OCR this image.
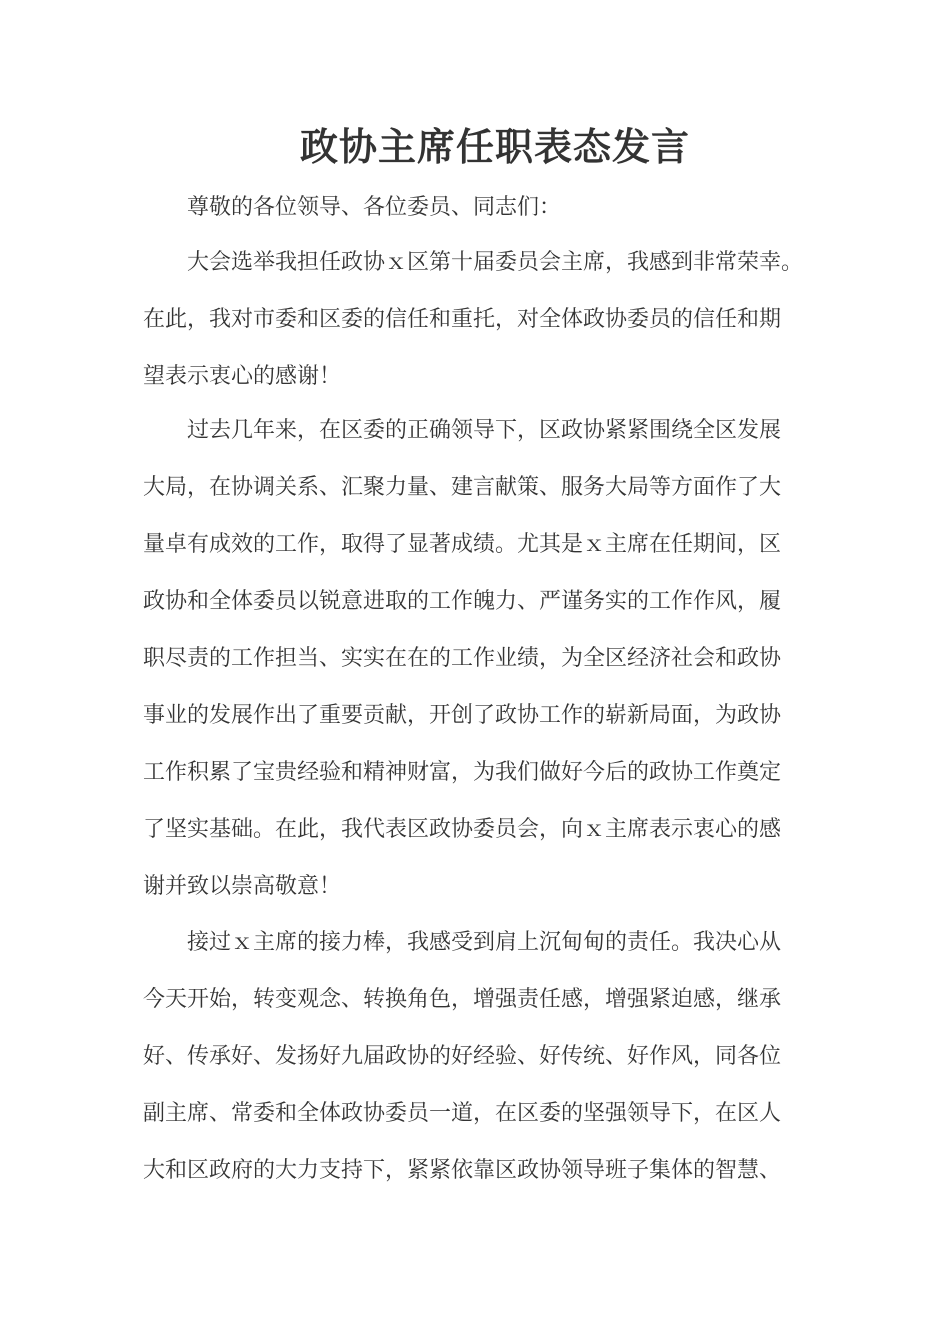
政协主席任职表态发言
尊敬的各位领导、各位委员、同志们：
大会选举我担任政协ｘ区第十届委员会主席，我感到非常荣幸。
在此，我对市委和区委的信任和重托，对全体政协委员的信任和期
望表示衷心的感谢！
过去几年来，在区委的正确领导下，区政协紧紧围绕全区发展
大局，在协调关系、汇聚力量、建言献策、服务大局等方面作了大
量卓有成效的工作，取得了显著成绩。尤其是ｘ主席在任期间，区
政协和全体委员以锐意进取的工作魄力、严谨务实的工作作风，履
职尽责的工作担当、实实在在的工作业绩，为全区经济社会和政协
事业的发展作出了重要贡献，开创了政协工作的崭新局面，为政协
工作积累了宝贵经验和精神财富，为我们做好今后的政协工作奠定
了坚实基础。在此，我代表区政协委员会，向ｘ主席表示衷心的感
谢并致以崇高敬意！
接过ｘ主席的接力棒，我感受到肩上沉甸甸的责任。我决心从
今天开始，转变观念、转换角色，增强责任感，增强紧迫感，继承
好、传承好、发扬好九届政协的好经验、好传统、好作风，同各位
副主席、常委和全体政协委员一道，在区委的坚强领导下，在区人
大和区政府的大力支持下，紧紧依靠区政协领导班子集体的智慧、
